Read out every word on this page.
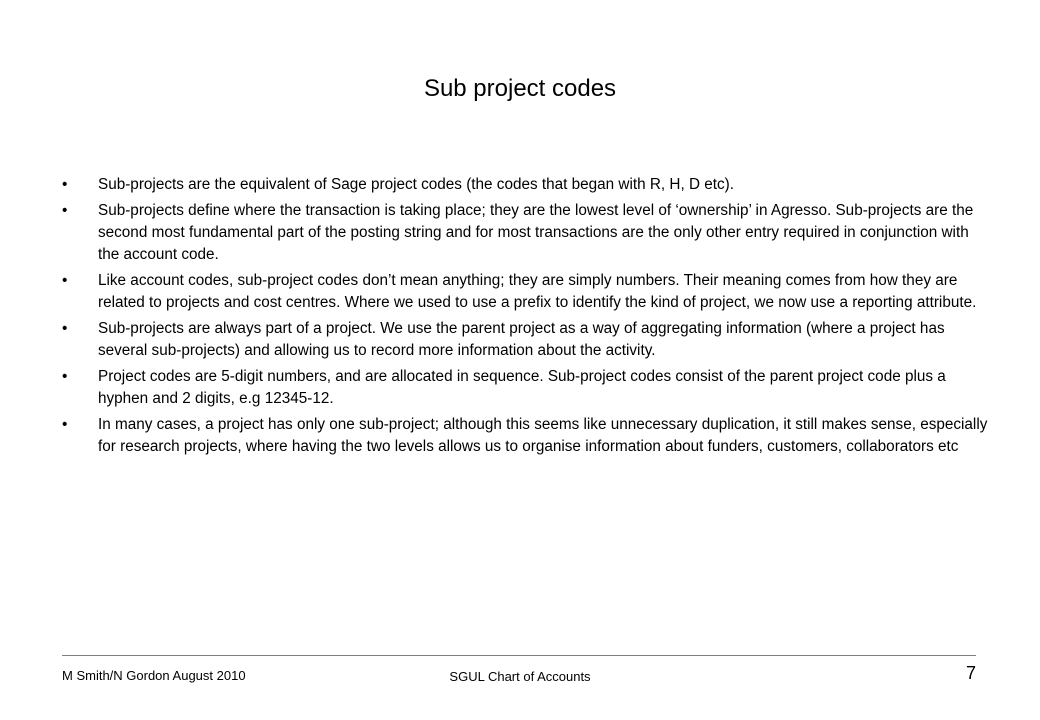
Sub project codes
•	Sub-projects are the equivalent of Sage project codes (the codes that began with R, H, D etc).
•	Sub-projects define where the transaction is taking place; they are the lowest level of ‘ownership’ in Agresso. Sub-projects are the second most fundamental part of the posting string and for most transactions are the only other entry required in conjunction with the account code.
•	Like account codes, sub-project codes don’t mean anything; they are simply numbers. Their meaning comes from how they are related to projects and cost centres. Where we used to use a prefix to identify the kind of project, we now use a reporting attribute.
•	Sub-projects are always part of a project. We use the parent project as a way of aggregating information (where a project has several sub-projects) and allowing us to record more information about the activity.
•	Project codes are 5-digit numbers, and are allocated in sequence. Sub-project codes consist of the parent project code plus a hyphen and 2 digits, e.g 12345-12.
•	In many cases, a project has only one sub-project; although this seems like unnecessary duplication, it still makes sense, especially for research projects, where having the two levels allows us to organise information about funders, customers, collaborators etc
M Smith/N Gordon August 2010	SGUL Chart of Accounts	7
